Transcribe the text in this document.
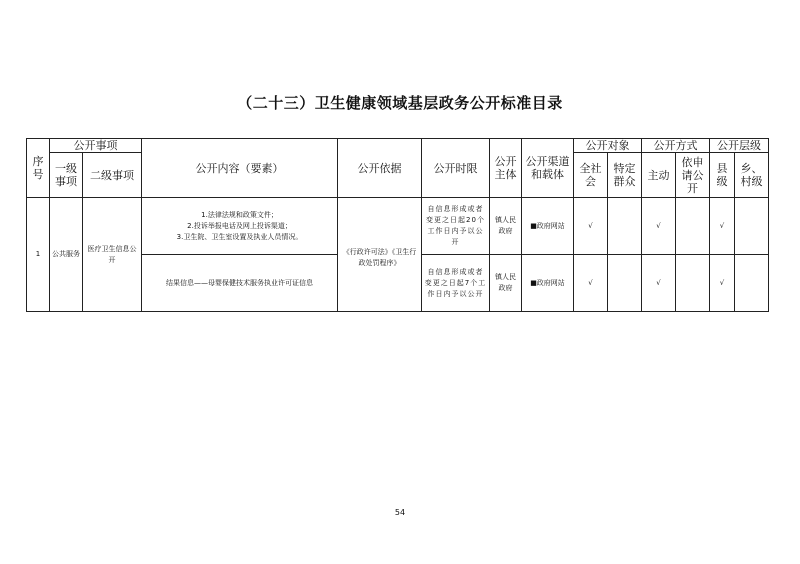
（二十三）卫生健康领域基层政务公开标准目录
序号	公开事项		公开内容（要素）	公开依据	公开时限	公开主体	公开渠道和载体	公开对象		公开方式		公开层级	
	一级事项	二级事项						全社会	特定群众	主动	依申请公开	县级	乡、村级
1	公共服务	医疗卫生信息公开	1.法律法规和政策文件；
2.投诉举报电话及网上投诉渠道；
3.卫生院、卫生室设置及执业人员情况。	《行政许可法》《卫生行政处罚程序》	自信息形成或者变更之日起20个工作日内予以公开	镇人民政府	■政府网站	√		√		√	

			结果信息——母婴保健技术服务执业许可证信息		自信息形成或者变更之日起7个工作日内予以公开	镇人民政府	■政府网站	√		√		√	
54
